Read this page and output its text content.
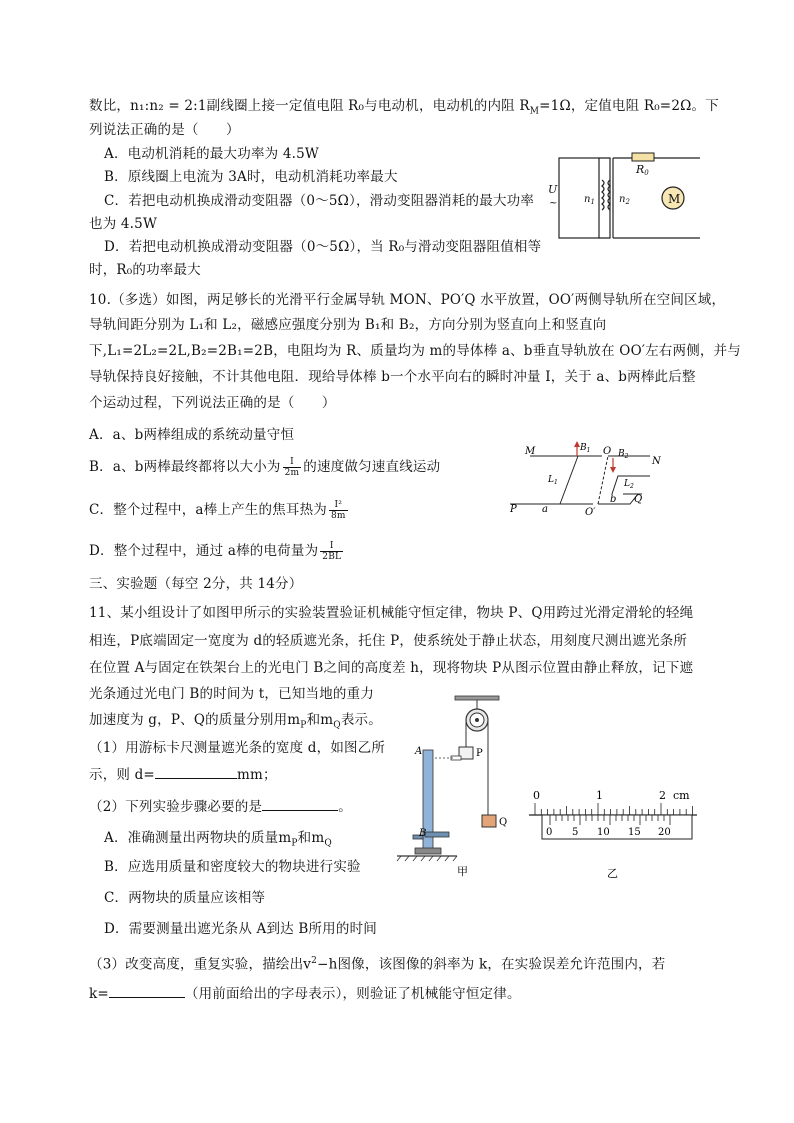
数比，n₁:n₂ = 2:1副线圈上接一定值电阻 R₀与电动机，电动机的内阻 $R_M=1\Omega$，定值电阻 R₀=2Ω。下
列说法正确的是（　　）
A．电动机消耗的最大功率为 4.5W
B．原线圈上电流为 3A时，电动机消耗功率最大
C．若把电动机换成滑动变阻器（0～5Ω），滑动变阻器消耗的最大功率
也为 4.5W
D．若把电动机换成滑动变阻器（0～5Ω），当 R₀与滑动变阻器阻值相等
时，R₀的功率最大
M
R0
U
~	$n_1$ $n_2$
10.（多选）如图，两足够长的光滑平行金属导轨 MON、PO′Q 水平放置，OO′两侧导轨所在空间区域，
导轨间距分别为 L₁和 L₂，磁感应强度分别为 B₁和 B₂，方向分别为竖直向上和竖直向
下,L₁=2L₂=2L,B₂=2B₁=2B，电阻均为 R、质量均为 m的导体棒 a、b垂直导轨放在 OO′左右两侧，并与
导轨保持良好接触，不计其他电阻．现给导体棒 b一个水平向右的瞬时冲量 I，关于 a、b两棒此后整
个运动过程，下列说法正确的是（　　）
A．a、b两棒组成的系统动量守恒
B．a、b两棒最终都将以大小为 $\frac{I}{2m}$ 的速度做匀速直线运动
C．整个过程中，a棒上产生的焦耳热为 $\frac{\text{I²}}{8m}$
D．整个过程中，通过 a棒的电荷量为 $\frac{I}{2BL}$
M
N
P
Q
O
O′
a
b
$B_1$	$B_2$
$L_1$	$L_2$
三、实验题（每空 2分，共 14分）
11、某小组设计了如图甲所示的实验装置验证机械能守恒定律，物块 P、Q用跨过光滑定滑轮的轻绳
相连，P底端固定一宽度为 d的轻质遮光条，托住 P，使系统处于静止状态，用刻度尺测出遮光条所
在位置 A与固定在铁架台上的光电门 B之间的高度差 h，现将物块 P从图示位置由静止释放，记下遮
光条通过光电门 B的时间为 t，已知当地的重力
加速度为 g，P、Q的质量分别用$m_P$和$m_Q$表示。
（1）用游标卡尺测量遮光条的宽度 d，如图乙所
示，则 d=	mm；
（2）下列实验步骤必要的是	。
A．准确测量出两物块的质量$m_P$和$m_Q$
B．应选用质量和密度较大的物块进行实验
C．两物块的质量应该相等
D．需要测量出遮光条从 A到达 B所用的时间
（3）改变高度，重复实验，描绘出$v^2-h$图像，该图像的斜率为 k，在实验误差允许范围内，若
k=	（用前面给出的字母表示），则验证了机械能守恒定律。
A
B
P
Q
甲
0	1	2 cm
0 5 10 15 20
乙
